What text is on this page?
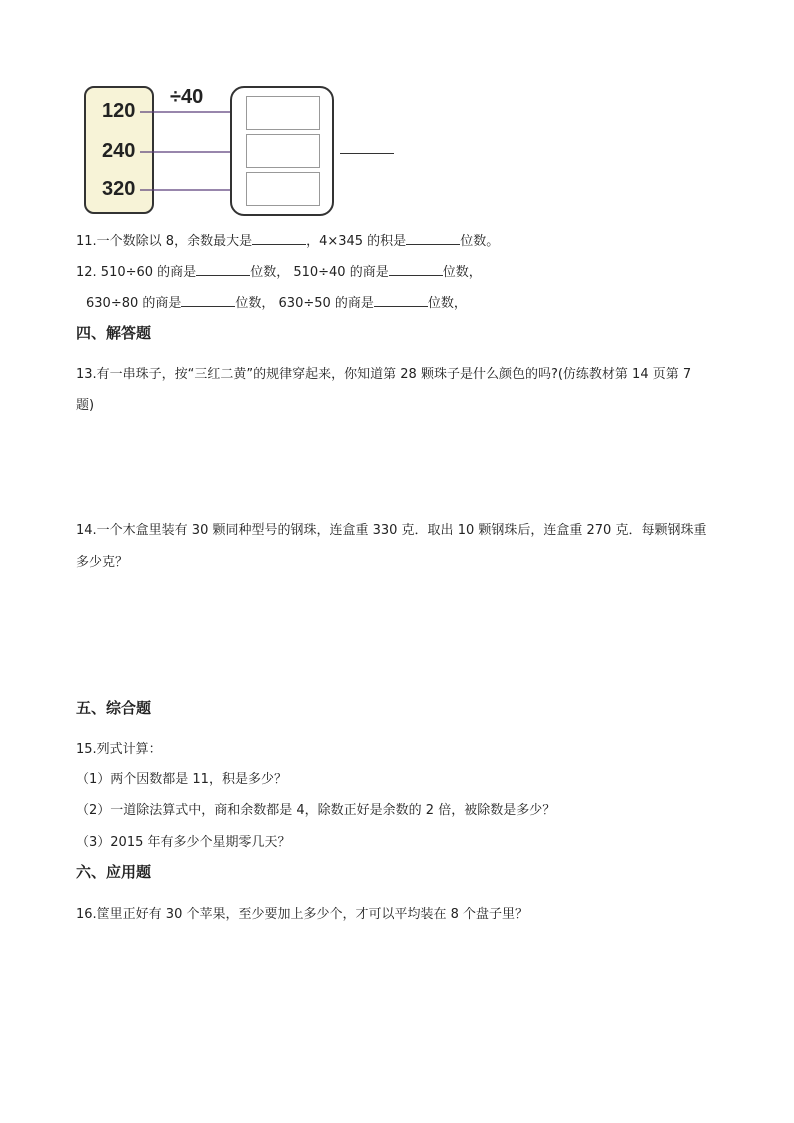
120
240
320
÷40
11.一个数除以 8，余数最大是	，4×345 的积是	位数。
12. 510÷60 的商是	位数， 510÷40 的商是	位数，
630÷80 的商是	位数， 630÷50 的商是	位数，
四、解答题
13.有一串珠子，按“三红二黄”的规律穿起来，你知道第 28 颗珠子是什么颜色的吗?(仿练教材第 14 页第 7
题)
14.一个木盒里装有 30 颗同种型号的钢珠，连盒重 330 克．取出 10 颗钢珠后，连盒重 270 克．每颗钢珠重
多少克？
五、综合题
15.列式计算：
（1）两个因数都是 11，积是多少？
（2）一道除法算式中，商和余数都是 4，除数正好是余数的 2 倍，被除数是多少？
（3）2015 年有多少个星期零几天？
六、应用题
16.筐里正好有 30 个苹果，至少要加上多少个，才可以平均装在 8 个盘子里？
